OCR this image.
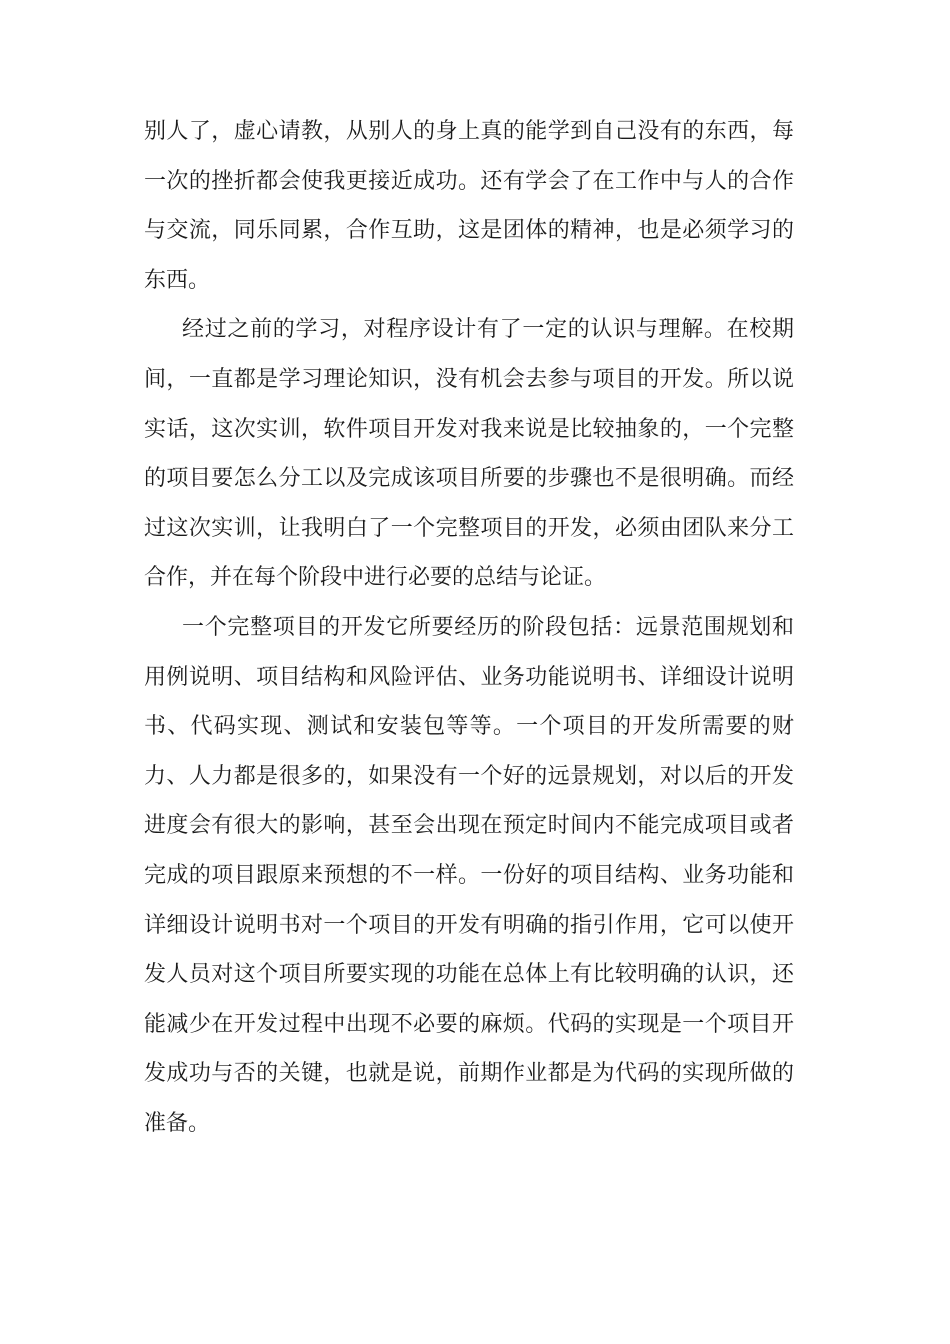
别人了，虚心请教，从别人的身上真的能学到自己没有的东西，每
一次的挫折都会使我更接近成功。还有学会了在工作中与人的合作
与交流，同乐同累，合作互助，这是团体的精神，也是必须学习的
东西。
经过之前的学习，对程序设计有了一定的认识与理解。在校期
间，一直都是学习理论知识，没有机会去参与项目的开发。所以说
实话，这次实训，软件项目开发对我来说是比较抽象的，一个完整
的项目要怎么分工以及完成该项目所要的步骤也不是很明确。而经
过这次实训，让我明白了一个完整项目的开发，必须由团队来分工
合作，并在每个阶段中进行必要的总结与论证。
一个完整项目的开发它所要经历的阶段包括：远景范围规划和
用例说明、项目结构和风险评估、业务功能说明书、详细设计说明
书、代码实现、测试和安装包等等。一个项目的开发所需要的财
力、人力都是很多的，如果没有一个好的远景规划，对以后的开发
进度会有很大的影响，甚至会出现在预定时间内不能完成项目或者
完成的项目跟原来预想的不一样。一份好的项目结构、业务功能和
详细设计说明书对一个项目的开发有明确的指引作用，它可以使开
发人员对这个项目所要实现的功能在总体上有比较明确的认识，还
能减少在开发过程中出现不必要的麻烦。代码的实现是一个项目开
发成功与否的关键，也就是说，前期作业都是为代码的实现所做的
准备。
